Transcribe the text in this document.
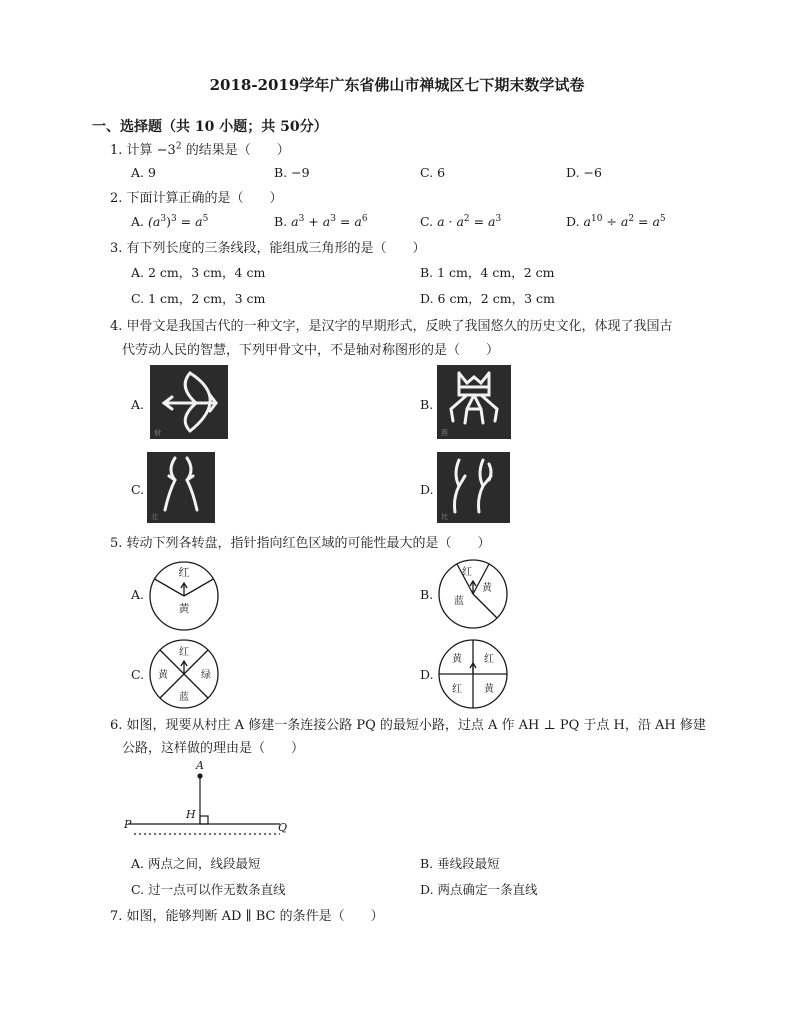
2018-2019学年广东省佛山市禅城区七下期末数学试卷
一、选择题（共 10 小题；共 50分）
1. 计算 $-3^2$ 的结果是（　　）
A. 9	B. −9	C. 6	D. −6
2. 下面计算正确的是（　　）
A. $(a^3)^3 = a^5$	B. $a^3 + a^3 = a^6$	C. $a \cdot a^2 = a^3$	D. $a^{10} \div a^2 = a^5$
3. 有下列长度的三条线段，能组成三角形的是（　　）
A. 2 cm，3 cm，4 cm	B. 1 cm，4 cm，2 cm
C. 1 cm，2 cm，3 cm	D. 6 cm，2 cm，3 cm
4. 甲骨文是我国古代的一种文字，是汉字的早期形式，反映了我国悠久的历史文化，体现了我国古
代劳动人民的智慧，下列甲骨文中，不是轴对称图形的是（　　）
A.
射
B.
燕
C.
北
D.
比
5. 转动下列各转盘，指针指向红色区域的可能性最大的是（　　）
A.
红
黄
B.
红
黄
蓝
C.
红
黄	绿
蓝
D.
黄 红
红 黄
6. 如图，现要从村庄 A 修建一条连接公路 PQ 的最短小路，过点 A 作 AH ⊥ PQ 于点 H，沿 AH 修建
公路，这样做的理由是（　　）
A
H
P	Q
A. 两点之间，线段最短	B. 垂线段最短
C. 过一点可以作无数条直线	D. 两点确定一条直线
7. 如图，能够判断 AD ∥ BC 的条件是（　　）
